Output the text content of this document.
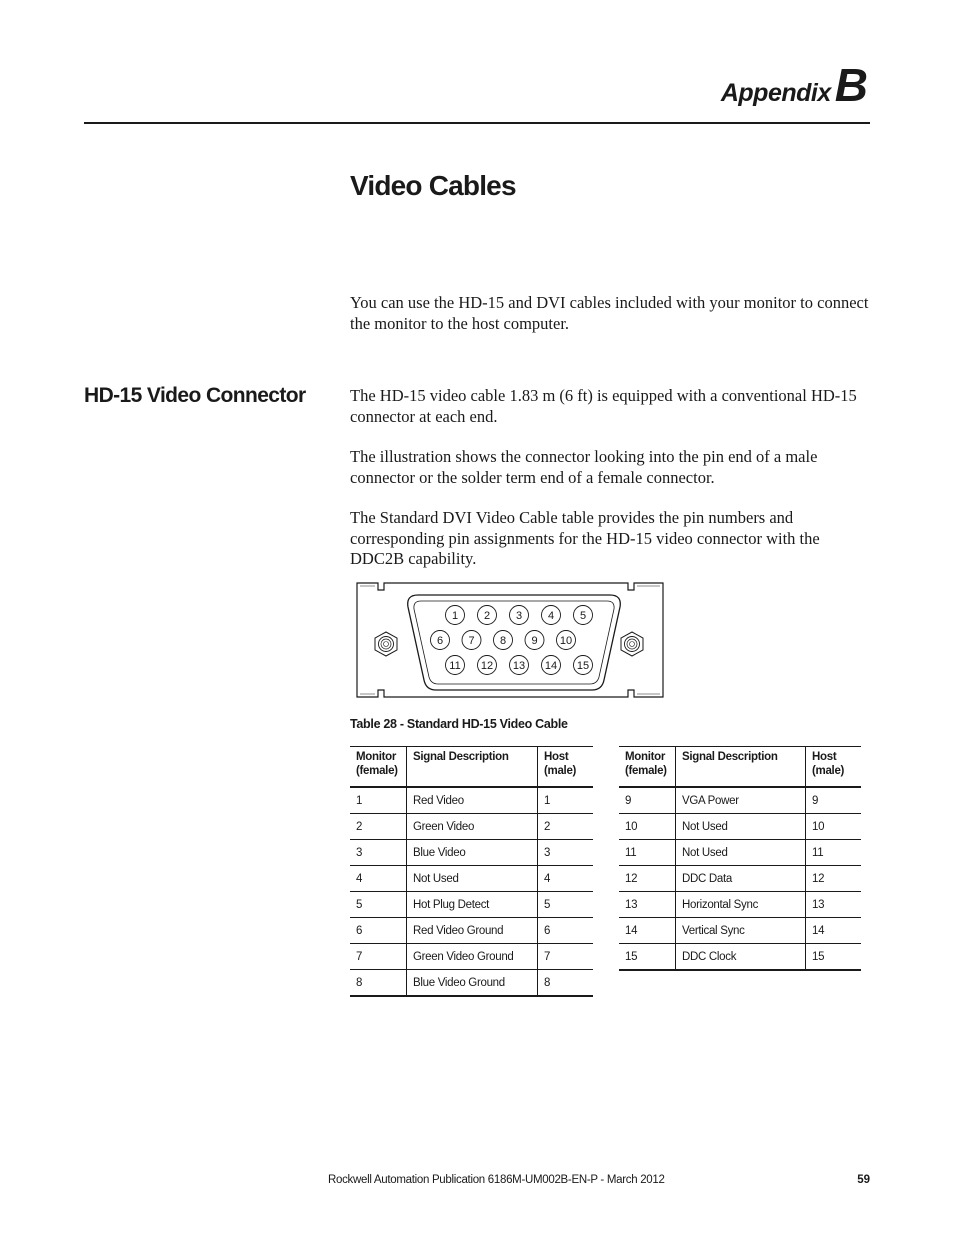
AppendixB
Video Cables

You can use the HD-15 and DVI cables included with your monitor to connect the monitor to the host computer.

HD-15 Video Connector	The HD-15 video cable 1.83 m (6 ft) is equipped with a conventional HD-15 connector at each end.

The illustration shows the connector looking into the pin end of a male connector or the solder term end of a female connector.

The Standard DVI Video Cable table provides the pin numbers and corresponding pin assignments for the HD-15 video connector with the DDC2B capability.

1 2 3 4 5
6 7 8 9 10
11 12 13 14 15
Table 28 - Standard HD-15 Video Cable
Monitor
(female)	Signal Description	Host
(male)
1	Red Video	1
2	Green Video	2
3	Blue Video	3
4	Not Used	4
5	Hot Plug Detect	5
6	Red Video Ground	6
7	Green Video Ground	7
8	Blue Video Ground	8
Monitor
(female)	Signal Description	Host
(male)
9	VGA Power	9
10	Not Used	10
11	Not Used	11
12	DDC Data	12
13	Horizontal Sync	13
14	Vertical Sync	14
15	DDC Clock	15
Rockwell Automation Publication 6186M-UM002B-EN-P - March 2012	59
